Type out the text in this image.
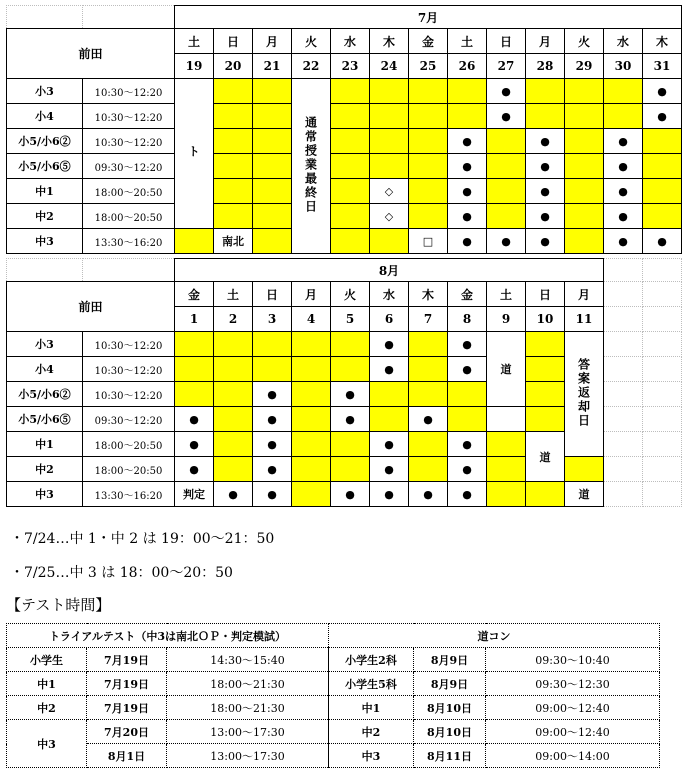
		7月												
前田		土	日	月	火	水	木	金	土	日	月	火	水	木
		19	20	21	22	23	24	25	26	27	28	29	30	31
小3	10:30～12:20	ト			通常授業最終日					●				●
小4	10:30～12:20									●				●
小5/小6②	10:30～12:20								●		●		●	
小5/小6⑤	09:30～12:20								●		●		●	
中1	18:00～20:50						◇		●		●		●	
中2	18:00～20:50						◇		●		●		●	
中3	13:30～16:20		南北					□	●	●	●		●	●
		8月												
前田		金	土	日	月	火	水	木	金	土	日	月		
		1	2	3	4	5	6	7	8	9	10	11		
小3	10:30～12:20						●		●	道		答案返却日		
小4	10:30～12:20						●		●					
小5/小6②	10:30～12:20			●		●								
小5/小6⑤	09:30～12:20	●		●		●		●						
中1	18:00～20:50	●		●			●		●		道			
中2	18:00～20:50	●		●			●		●					
中3	13:30～16:20	判定	●	●		●	●	●	●			道		
・7/24…中 1・中 2 は 19：00～21：50
・7/25…中 3 は 18：00～20：50
【テスト時間】
トライアルテスト（中3は南北ＯＰ・判定模試）			道コン		
小学生	7月19日	14:30～15:40	小学生2科	8月9日	09:30～10:40
中1	7月19日	18:00～21:30	小学生5科	8月9日	09:30～12:30
中2	7月19日	18:00～21:30	中1	8月10日	09:00～12:40
中3	7月20日	13:00～17:30	中2	8月10日	09:00～12:40
	8月1日	13:00～17:30	中3	8月11日	09:00～14:00
